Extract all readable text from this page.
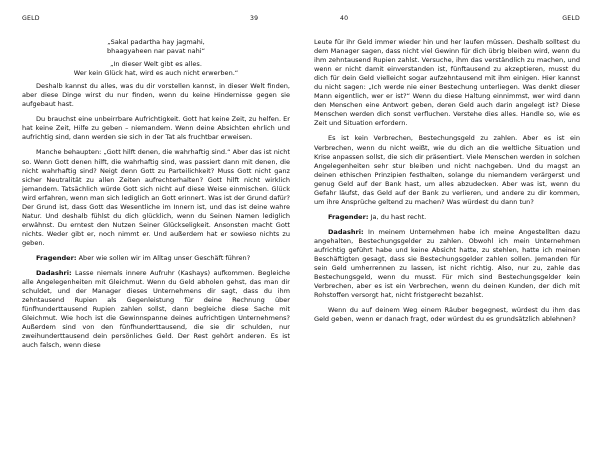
GELD	39

„Sakal padartha hay jagmahi,

bhaagyaheen nar pavat nahi“

„In dieser Welt gibt es alles.

Wer kein Glück hat, wird es auch nicht erwerben.“

Deshalb kannst du alles, was du dir vorstellen kannst, in dieser Welt finden, aber diese Dinge wirst du nur finden, wenn du keine Hindernisse gegen sie aufgebaut hast.

Du brauchst eine unbeirrbare Aufrichtigkeit. Gott hat keine Zeit, zu helfen. Er hat keine Zeit, Hilfe zu geben – niemandem. Wenn deine Absichten ehrlich und aufrichtig sind, dann werden sie sich in der Tat als fruchtbar erweisen.

Manche behaupten: „Gott hilft denen, die wahrhaftig sind.“ Aber das ist nicht so. Wenn Gott denen hilft, die wahrhaftig sind, was passiert dann mit denen, die nicht wahrhaftig sind? Neigt denn Gott zu Parteilichkeit? Muss Gott nicht ganz sicher Neutralität zu allen Zeiten aufrechterhalten? Gott hilft nicht wirklich jemandem. Tatsächlich würde Gott sich nicht auf diese Weise einmischen. Glück wird erfahren, wenn man sich lediglich an Gott erinnert. Was ist der Grund dafür? Der Grund ist, dass Gott das Wesentliche im Innern ist, und das ist deine wahre Natur. Und deshalb fühlst du dich glücklich, wenn du Seinen Namen lediglich erwähnst. Du erntest den Nutzen Seiner Glückseligkeit. Ansonsten macht Gott nichts. Weder gibt er, noch nimmt er. Und außerdem hat er sowieso nichts zu geben.

Fragender: Aber wie sollen wir im Alltag unser Geschäft führen?

Dadashri: Lasse niemals innere Aufruhr (Kashays) aufkommen. Begleiche alle Angelegenheiten mit Gleichmut. Wenn du Geld abholen gehst, das man dir schuldet, und der Manager dieses Unternehmens dir sagt, dass du ihm zehntausend Rupien als Gegenleistung für deine Rechnung über fünfhunderttausend Rupien zahlen sollst, dann begleiche diese Sache mit Gleichmut. Wie hoch ist die Gewinnspanne deines aufrichtigen Unternehmens? Außerdem sind von den fünfhunderttausend, die sie dir schulden, nur zweihunderttausend dein persönliches Geld. Der Rest gehört anderen. Es ist auch falsch, wenn diese

40	GELD

Leute für ihr Geld immer wieder hin und her laufen müssen. Deshalb solltest du dem Manager sagen, dass nicht viel Gewinn für dich übrig bleiben wird, wenn du ihm zehntausend Rupien zahlst. Versuche, ihm das verständlich zu machen, und wenn er nicht damit einverstanden ist, fünftausend zu akzeptieren, musst du dich für dein Geld vielleicht sogar aufzehntausend mit ihm einigen. Hier kannst du nicht sagen: „Ich werde nie einer Bestechung unterliegen. Was denkt dieser Mann eigentlich, wer er ist?“ Wenn du diese Haltung einnimmst, wer wird dann den Menschen eine Antwort geben, deren Geld auch darin angelegt ist? Diese Menschen werden dich sonst verfluchen. Verstehe dies alles. Handle so, wie es Zeit und Situation erfordern.

Es ist kein Verbrechen, Bestechungsgeld zu zahlen. Aber es ist ein Verbrechen, wenn du nicht weißt, wie du dich an die weltliche Situation und Krise anpassen sollst, die sich dir präsentiert. Viele Menschen werden in solchen Angelegenheiten sehr stur bleiben und nicht nachgeben. Und du magst an deinen ethischen Prinzipien festhalten, solange du niemandem verärgerst und genug Geld auf der Bank hast, um alles abzudecken. Aber was ist, wenn du Gefahr läufst, das Geld auf der Bank zu verlieren, und andere zu dir kommen, um ihre Ansprüche geltend zu machen? Was würdest du dann tun?

Fragender: Ja, du hast recht.

Dadashri: In meinem Unternehmen habe ich meine Angestellten dazu angehalten, Bestechungsgelder zu zahlen. Obwohl ich mein Unternehmen aufrichtig geführt habe und keine Absicht hatte, zu stehlen, hatte ich meinen Beschäftigten gesagt, dass sie Bestechungsgelder zahlen sollen. Jemanden für sein Geld umherrennen zu lassen, ist nicht richtig. Also, nur zu, zahle das Bestechungsgeld, wenn du musst. Für mich sind Bestechungsgelder kein Verbrechen, aber es ist ein Verbrechen, wenn du deinen Kunden, der dich mit Rohstoffen versorgt hat, nicht fristgerecht bezahlst.

Wenn du auf deinem Weg einem Räuber begegnest, würdest du ihm das Geld geben, wenn er danach fragt, oder würdest du es grundsätzlich ablehnen?
